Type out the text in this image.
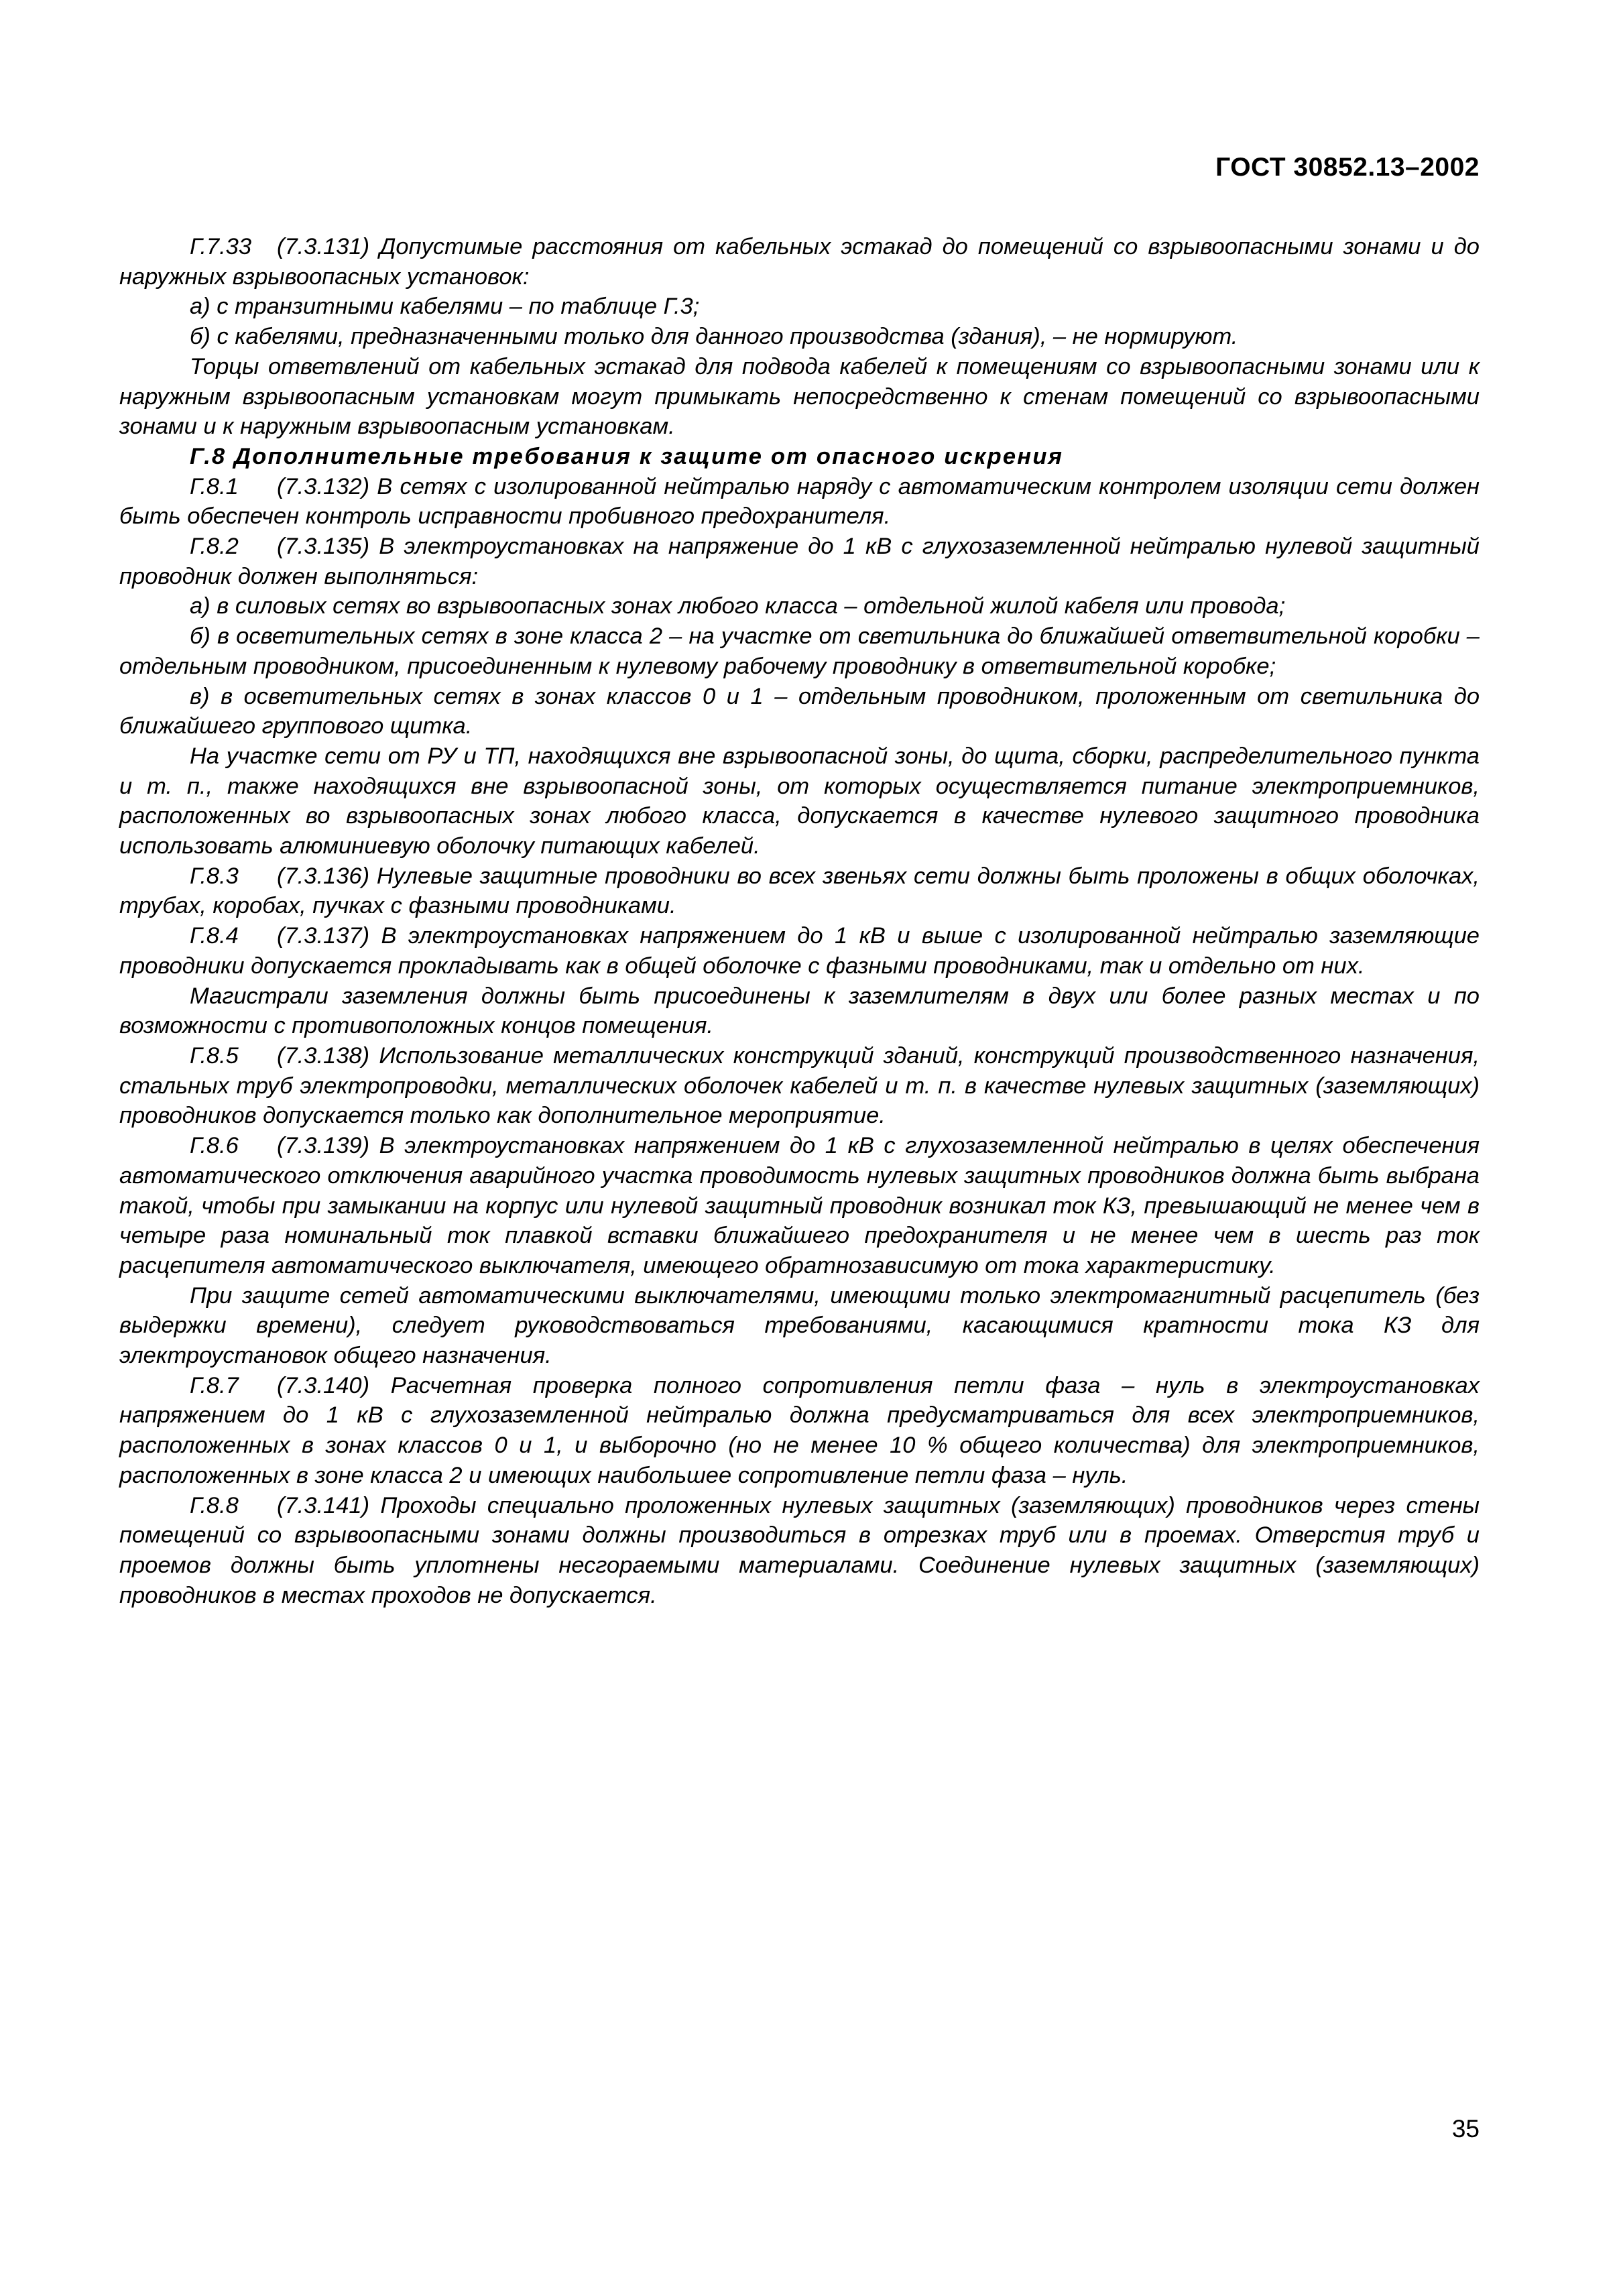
ГОСТ 30852.13–2002

Г.7.33 (7.3.131) Допустимые расстояния от кабельных эстакад до помещений со взрывоопасными зонами и до наружных взрывоопасных установок:

а) с транзитными кабелями – по таблице Г.3;

б) с кабелями, предназначенными только для данного производства (здания), – не нормируют.

Торцы ответвлений от кабельных эстакад для подвода кабелей к помещениям со взрывоопасными зонами или к наружным взрывоопасным установкам могут примыкать непосредственно к стенам помещений со взрывоопасными зонами и к наружным взрывоопасным установкам.

Г.8 Дополнительные требования к защите от опасного искрения

Г.8.1 (7.3.132) В сетях с изолированной нейтралью наряду с автоматическим контролем изоляции сети должен быть обеспечен контроль исправности пробивного предохранителя.

Г.8.2 (7.3.135) В электроустановках на напряжение до 1 кВ с глухозаземленной нейтралью нулевой защитный проводник должен выполняться:

а) в силовых сетях во взрывоопасных зонах любого класса – отдельной жилой кабеля или провода;

б) в осветительных сетях в зоне класса 2 – на участке от светильника до ближайшей ответвительной коробки – отдельным проводником, присоединенным к нулевому рабочему проводнику в ответвительной коробке;

в) в осветительных сетях в зонах классов 0 и 1 – отдельным проводником, проложенным от светильника до ближайшего группового щитка.

На участке сети от РУ и ТП, находящихся вне взрывоопасной зоны, до щита, сборки, распределительного пункта и т. п., также находящихся вне взрывоопасной зоны, от которых осуществляется питание электроприемников, расположенных во взрывоопасных зонах любого класса, допускается в качестве нулевого защитного проводника использовать алюминиевую оболочку питающих кабелей.

Г.8.3 (7.3.136) Нулевые защитные проводники во всех звеньях сети должны быть проложены в общих оболочках, трубах, коробах, пучках с фазными проводниками.

Г.8.4 (7.3.137) В электроустановках напряжением до 1 кВ и выше с изолированной нейтралью заземляющие проводники допускается прокладывать как в общей оболочке с фазными проводниками, так и отдельно от них.

Магистрали заземления должны быть присоединены к заземлителям в двух или более разных местах и по возможности с противоположных концов помещения.

Г.8.5 (7.3.138) Использование металлических конструкций зданий, конструкций производственного назначения, стальных труб электропроводки, металлических оболочек кабелей и т. п. в качестве нулевых защитных (заземляющих) проводников допускается только как дополнительное мероприятие.

Г.8.6 (7.3.139) В электроустановках напряжением до 1 кВ с глухозаземленной нейтралью в целях обеспечения автоматического отключения аварийного участка проводимость нулевых защитных проводников должна быть выбрана такой, чтобы при замыкании на корпус или нулевой защитный проводник возникал ток КЗ, превышающий не менее чем в четыре раза номинальный ток плавкой вставки ближайшего предохранителя и не менее чем в шесть раз ток расцепителя автоматического выключателя, имеющего обратнозависимую от тока характеристику.

При защите сетей автоматическими выключателями, имеющими только электромагнитный расцепитель (без выдержки времени), следует руководствоваться требованиями, касающимися кратности тока КЗ для электроустановок общего назначения.

Г.8.7 (7.3.140) Расчетная проверка полного сопротивления петли фаза – нуль в электроустановках напряжением до 1 кВ с глухозаземленной нейтралью должна предусматриваться для всех электроприемников, расположенных в зонах классов 0 и 1, и выборочно (но не менее 10 % общего количества) для электроприемников, расположенных в зоне класса 2 и имеющих наибольшее сопротивление петли фаза – нуль.

Г.8.8 (7.3.141) Проходы специально проложенных нулевых защитных (заземляющих) проводников через стены помещений со взрывоопасными зонами должны производиться в отрезках труб или в проемах. Отверстия труб и проемов должны быть уплотнены несгораемыми материалами. Соединение нулевых защитных (заземляющих) проводников в местах проходов не допускается.

35
